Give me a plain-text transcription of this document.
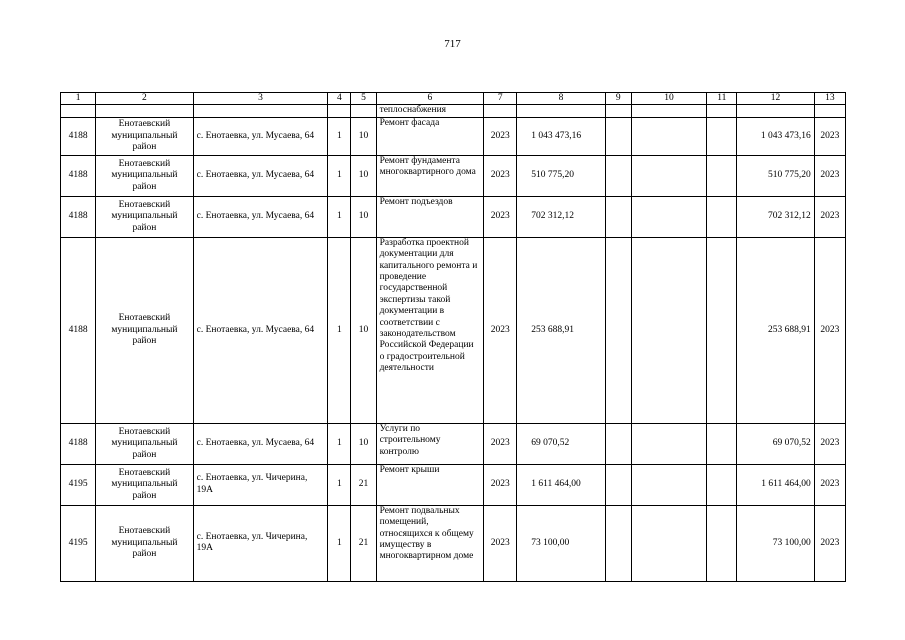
717
1	2	3	4	5	6	7	8	9	10	11	12	13
					теплоснабжения							
4188	Енотаевский муниципальный район	с. Енотаевка, ул. Мусаева, 64	1	10	Ремонт фасада	2023	1 043 473,16				1 043 473,16	2023
4188	Енотаевский муниципальный район	с. Енотаевка, ул. Мусаева, 64	1	10	Ремонт фундамента многоквартирного дома	2023	510 775,20				510 775,20	2023
4188	Енотаевский муниципальный район	с. Енотаевка, ул. Мусаева, 64	1	10	Ремонт подъездов	2023	702 312,12				702 312,12	2023
4188	Енотаевский муниципальный район	с. Енотаевка, ул. Мусаева, 64	1	10	Разработка проектной документации для капитального ремонта и проведение государственной экспертизы такой документации в соответствии с законодательством Российской Федерации о градостроительной деятельности	2023	253 688,91				253 688,91	2023
4188	Енотаевский муниципальный район	с. Енотаевка, ул. Мусаева, 64	1	10	Услуги по строительному контролю	2023	69 070,52				69 070,52	2023
4195	Енотаевский муниципальный район	с. Енотаевка, ул. Чичерина, 19А	1	21	Ремонт крыши	2023	1 611 464,00				1 611 464,00	2023
4195	Енотаевский муниципальный район	с. Енотаевка, ул. Чичерина, 19А	1	21	Ремонт подвальных помещений, относящихся к общему имуществу в многоквартирном доме	2023	73 100,00				73 100,00	2023
